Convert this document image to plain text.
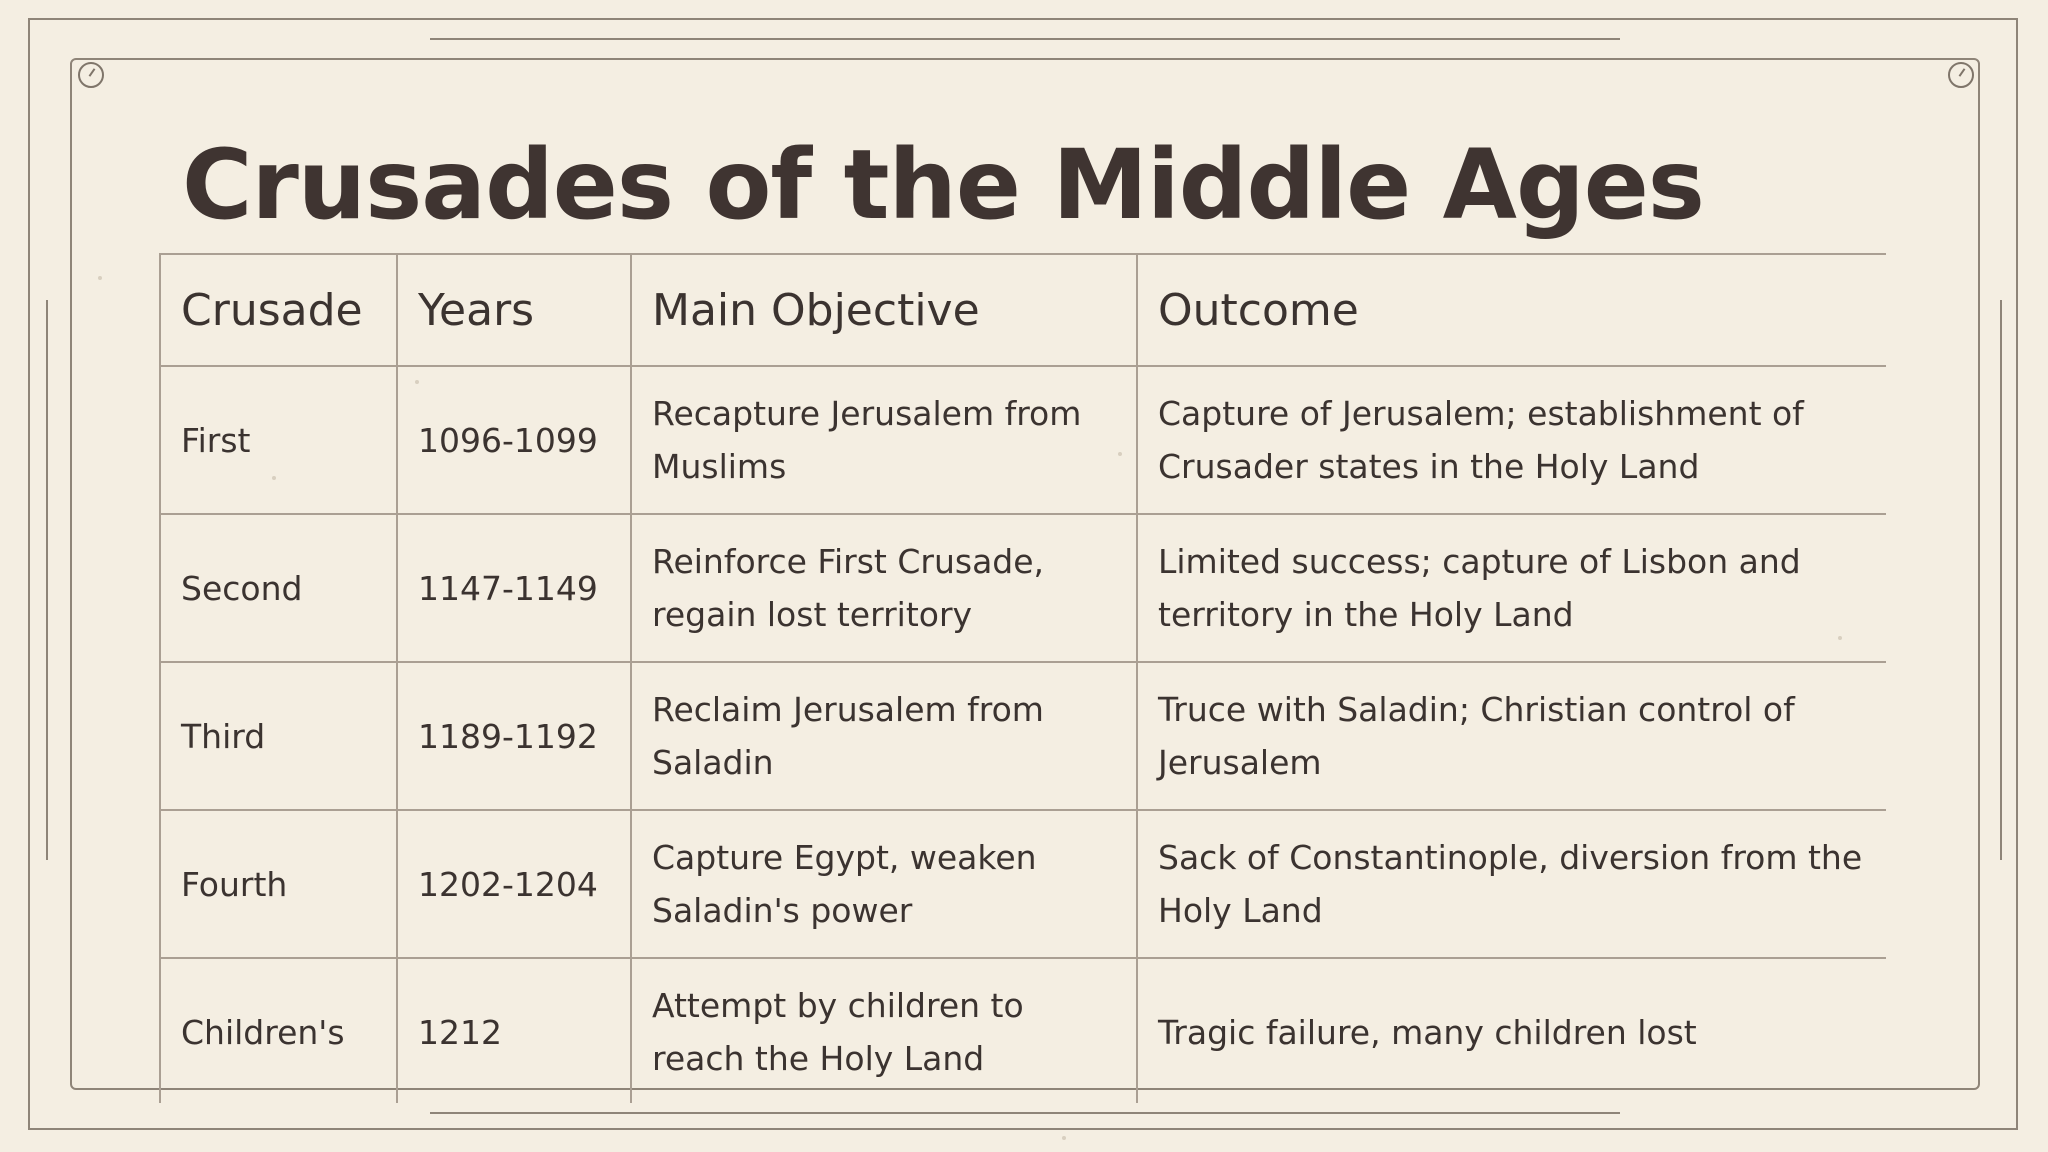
Crusades of the Middle Ages
Crusade	Years	Main Objective	Outcome
First	1096-1099	Recapture Jerusalem from Muslims	Capture of Jerusalem; establishment of Crusader states in the Holy Land
Second	1147-1149	Reinforce First Crusade, regain lost territory	Limited success; capture of Lisbon and territory in the Holy Land
Third	1189-1192	Reclaim Jerusalem from Saladin	Truce with Saladin; Christian control of Jerusalem
Fourth	1202-1204	Capture Egypt, weaken Saladin's power	Sack of Constantinople, diversion from the Holy Land
Children's	1212	Attempt by children to reach the Holy Land	Tragic failure, many children lost
